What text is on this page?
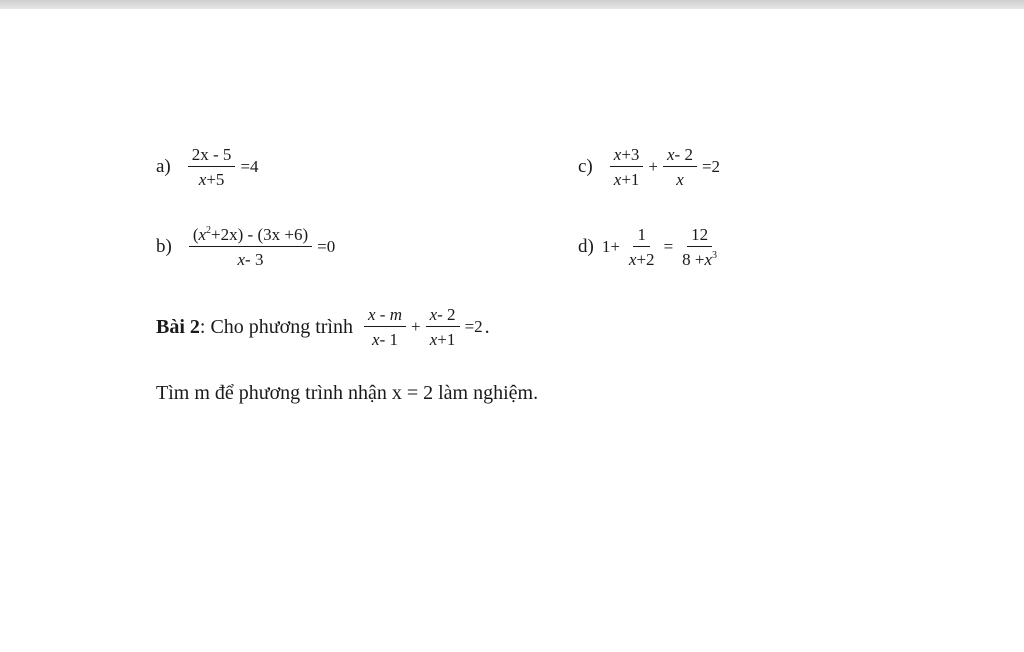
$a) \frac{2x - 5}{x+5} =4$	$c) \frac{x+3}{x+1} + \frac{x- 2}{x} =2$
$b) \frac{(x^2+2x) - (3x +6)}{x- 3} =0$	d) $1+ \frac{1}{x+2} = \frac{12}{8 +x^3}$
Bài 2 : Cho phương trình $\frac{x - m}{x- 1} + \frac{x- 2}{x+1} =2$ .
Tìm m để phương trình nhận x = 2 làm nghiệm.
